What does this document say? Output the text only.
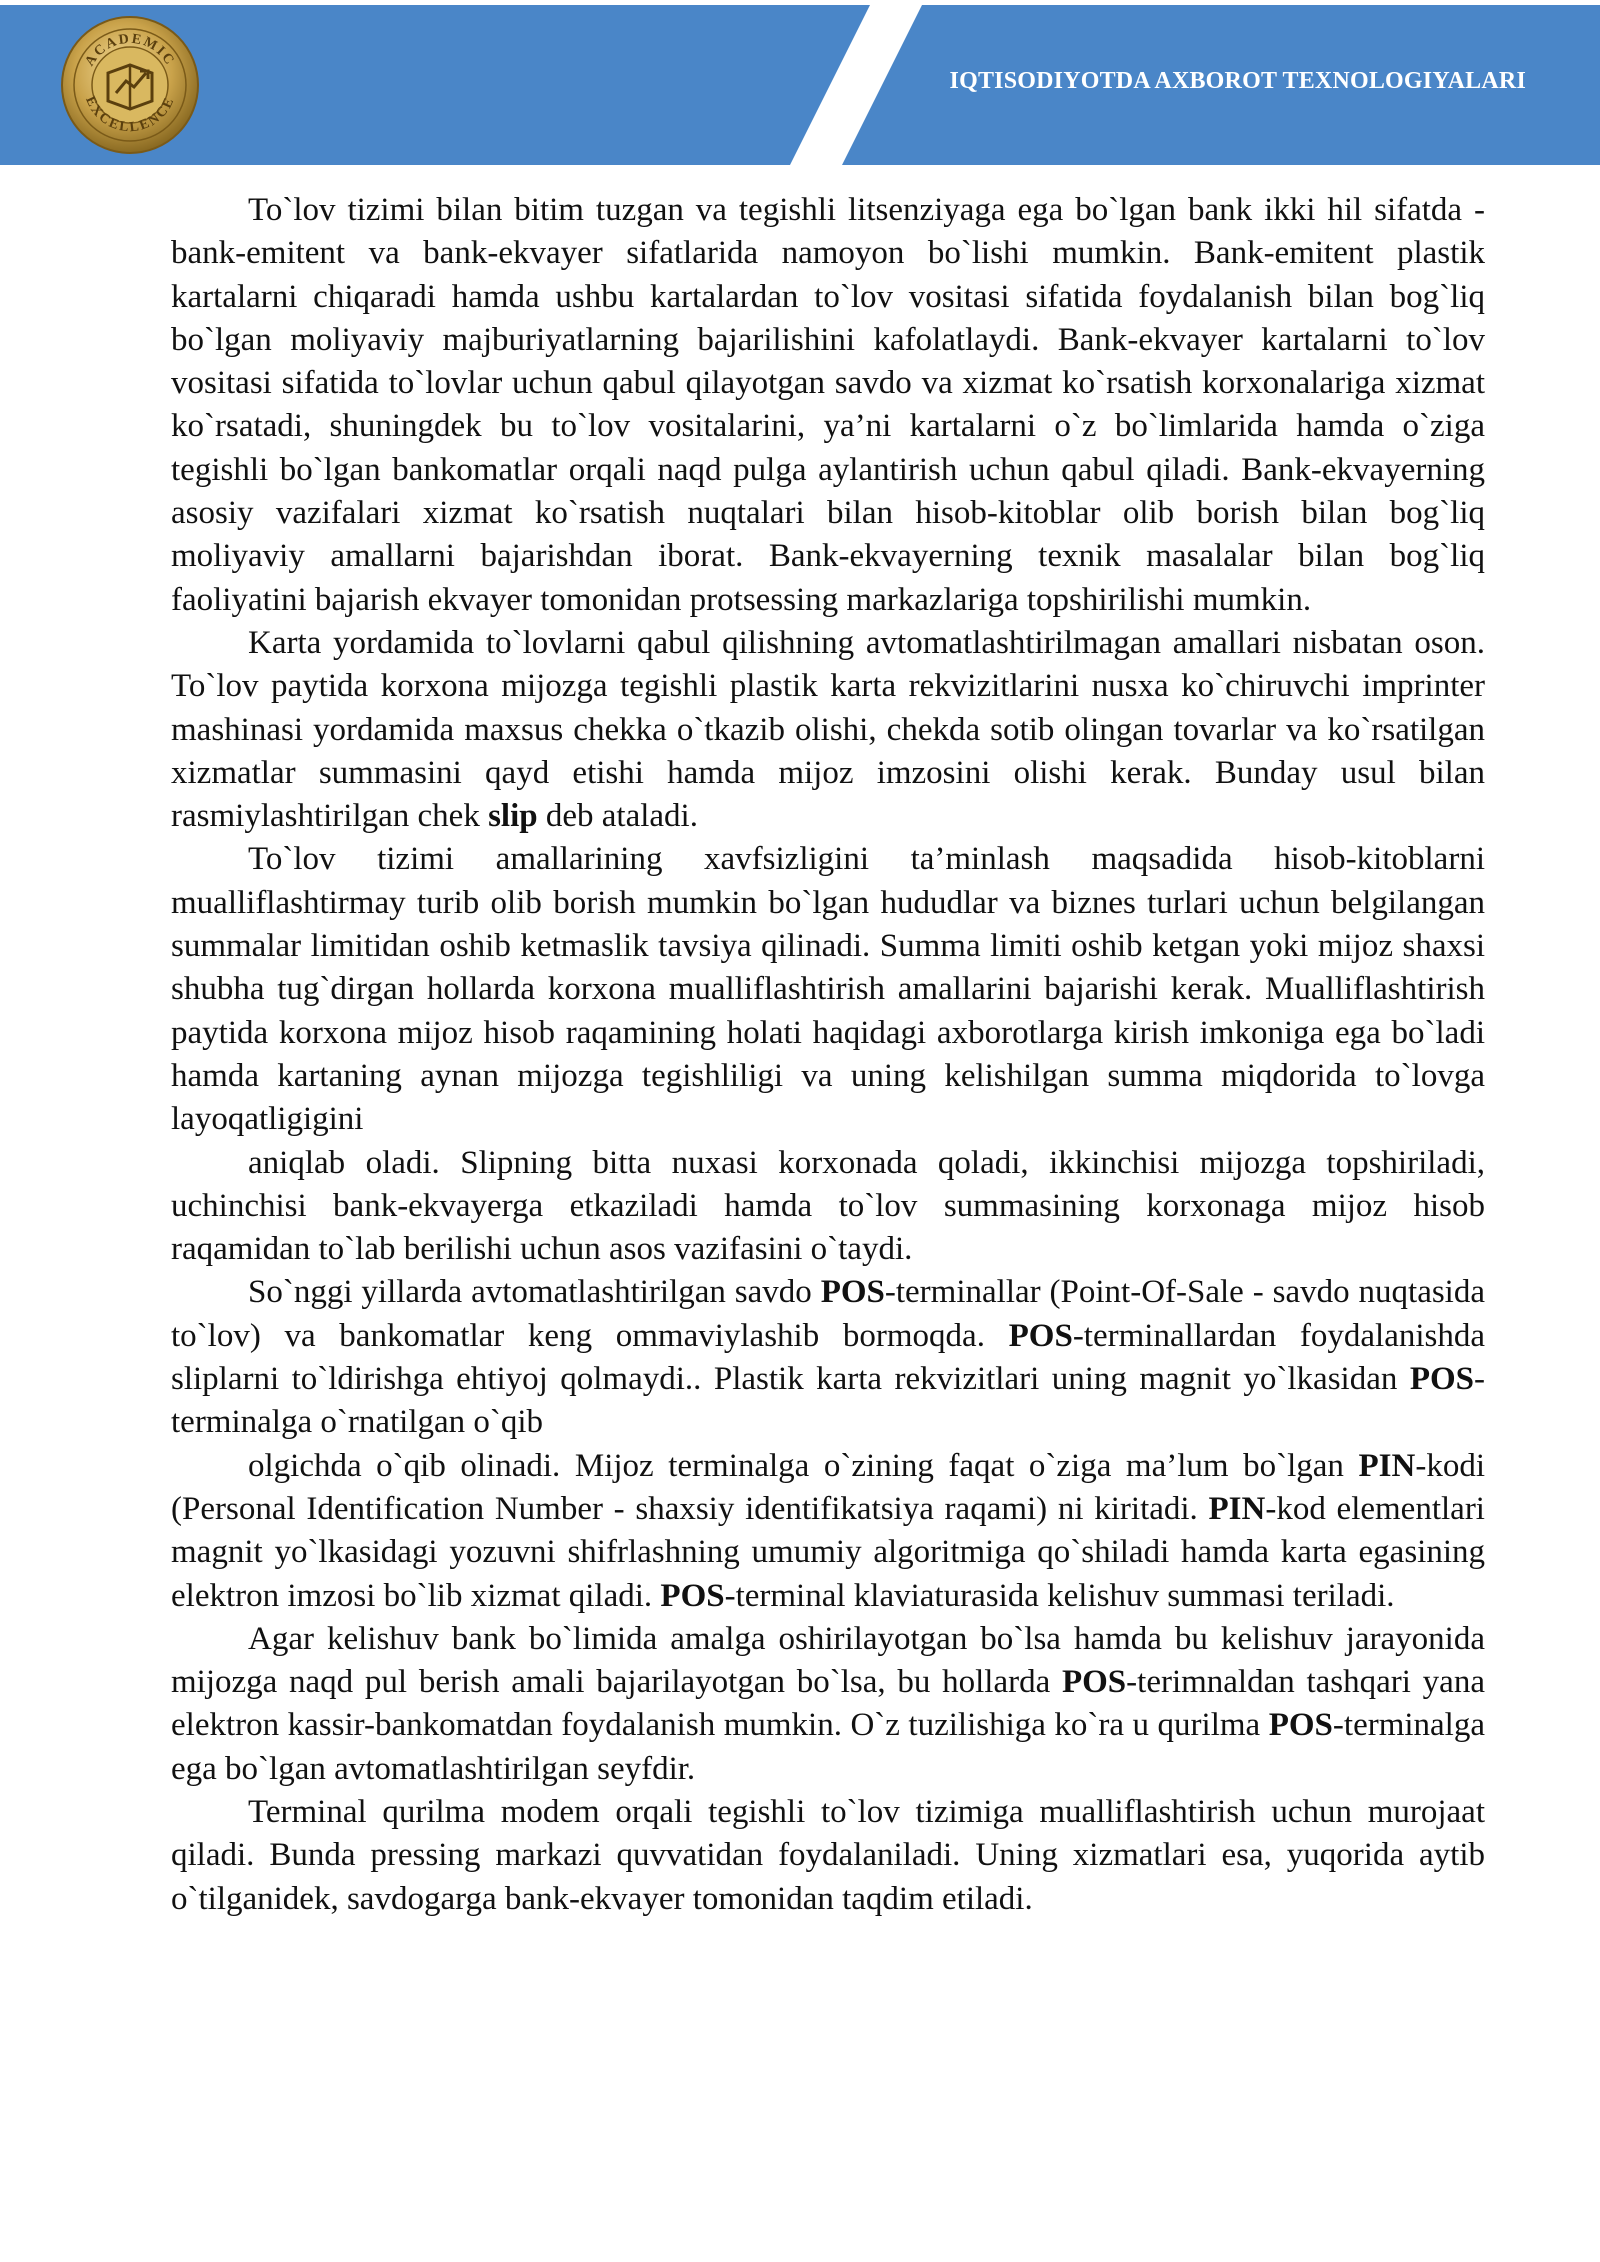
ACADEMIC
EXCELLENCE
IQTISODIYOTDA AXBOROT TEXNOLOGIYALARI

To`lov tizimi bilan bitim tuzgan va tegishli litsenziyaga ega bo`lgan bank ikki hil sifatda - bank-emitent va bank-ekvayer sifatlarida namoyon bo`lishi mumkin. Bank-emitent plastik kartalarni chiqaradi hamda ushbu kartalardan to`lov vositasi sifatida foydalanish bilan bog`liq bo`lgan moliyaviy majburiyatlarning bajarilishini kafolatlaydi. Bank-ekvayer kartalarni to`lov vositasi sifatida to`lovlar uchun qabul qilayotgan savdo va xizmat ko`rsatish korxonalariga xizmat ko`rsatadi, shuningdek bu to`lov vositalarini, ya’ni kartalarni o`z bo`limlarida hamda o`ziga tegishli bo`lgan bankomatlar orqali naqd pulga aylantirish uchun qabul qiladi. Bank-ekvayerning asosiy vazifalari xizmat ko`rsatish nuqtalari bilan hisob-kitoblar olib borish bilan bog`liq moliyaviy amallarni bajarishdan iborat. Bank-ekvayerning texnik masalalar bilan bog`liq faoliyatini bajarish ekvayer tomonidan protsessing markazlariga topshirilishi mumkin.

Karta yordamida to`lovlarni qabul qilishning avtomatlashtirilmagan amallari nisbatan oson. To`lov paytida korxona mijozga tegishli plastik karta rekvizitlarini nusxa ko`chiruvchi imprinter mashinasi yordamida maxsus chekka o`tkazib olishi, chekda sotib olingan tovarlar va ko`rsatilgan xizmatlar summasini qayd etishi hamda mijoz imzosini olishi kerak. Bunday usul bilan rasmiylashtirilgan chek slip deb ataladi.

To`lov tizimi amallarining xavfsizligini ta’minlash maqsadida hisob-kitoblarni mualliflashtirmay turib olib borish mumkin bo`lgan hududlar va biznes turlari uchun belgilangan summalar limitidan oshib ketmaslik tavsiya qilinadi. Summa limiti oshib ketgan yoki mijoz shaxsi shubha tug`dirgan hollarda korxona mualliflashtirish amallarini bajarishi kerak. Mualliflashtirish paytida korxona mijoz hisob raqamining holati haqidagi axborotlarga kirish imkoniga ega bo`ladi hamda kartaning aynan mijozga tegishliligi va uning kelishilgan summa miqdorida to`lovga layoqatligigini

aniqlab oladi. Slipning bitta nuxasi korxonada qoladi, ikkinchisi mijozga topshiriladi, uchinchisi bank-ekvayerga etkaziladi hamda to`lov summasining korxonaga mijoz hisob raqamidan to`lab berilishi uchun asos vazifasini o`taydi.

So`nggi yillarda avtomatlashtirilgan savdo POS-terminallar (Point-Of-Sale - savdo nuqtasida to`lov) va bankomatlar keng ommaviylashib bormoqda. POS-terminallardan foydalanishda sliplarni to`ldirishga ehtiyoj qolmaydi.. Plastik karta rekvizitlari uning magnit yo`lkasidan POS-terminalga o`rnatilgan o`qib

olgichda o`qib olinadi. Mijoz terminalga o`zining faqat o`ziga ma’lum bo`lgan PIN-kodi (Personal Identification Number - shaxsiy identifikatsiya raqami) ni kiritadi. PIN-kod elementlari magnit yo`lkasidagi yozuvni shifrlashning umumiy algoritmiga qo`shiladi hamda karta egasining elektron imzosi bo`lib xizmat qiladi. POS-terminal klaviaturasida kelishuv summasi teriladi.

Agar kelishuv bank bo`limida amalga oshirilayotgan bo`lsa hamda bu kelishuv jarayonida mijozga naqd pul berish amali bajarilayotgan bo`lsa, bu hollarda POS-terimnaldan tashqari yana elektron kassir-bankomatdan foydalanish mumkin. O`z tuzilishiga ko`ra u qurilma POS-terminalga ega bo`lgan avtomatlashtirilgan seyfdir.

Terminal qurilma modem orqali tegishli to`lov tizimiga mualliflashtirish uchun murojaat qiladi. Bunda pressing markazi quvvatidan foydalaniladi. Uning xizmatlari esa, yuqorida aytib o`tilganidek, savdogarga bank-ekvayer tomonidan taqdim etiladi.
